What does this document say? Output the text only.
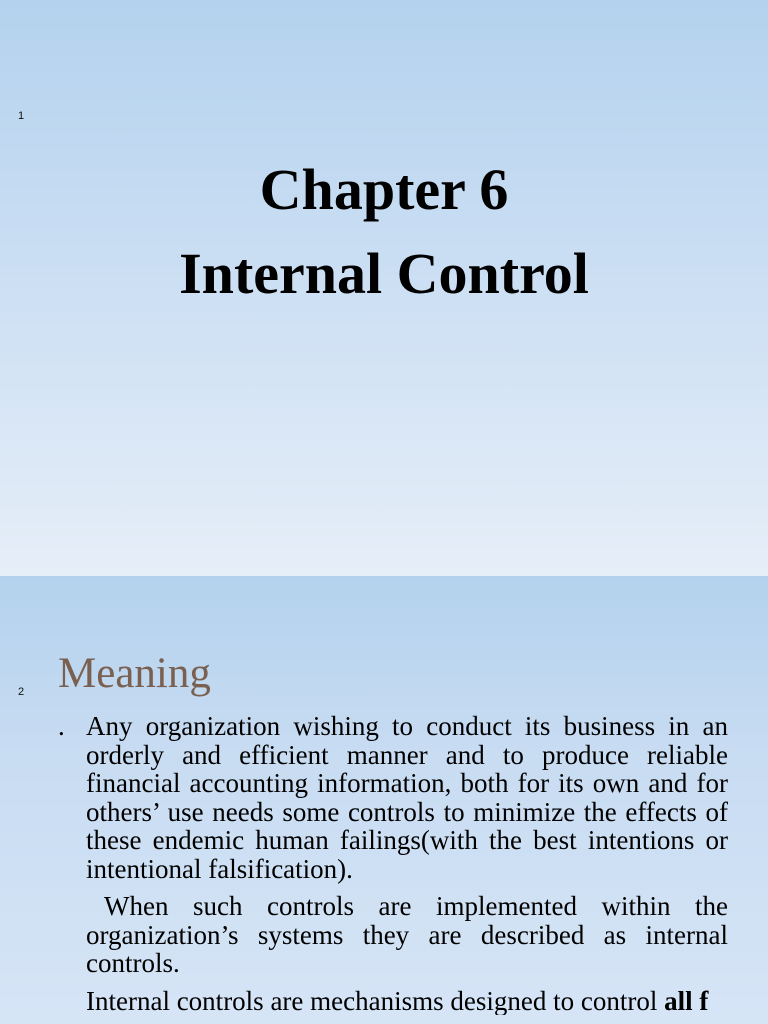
1
Chapter 6
Internal Control
2 Meaning

. Any organization wishing to conduct its business in an orderly and efficient manner and to produce reliable financial accounting information, both for its own and for others’ use needs some controls to minimize the effects of these endemic human failings(with the best intentions or intentional falsification).

When such controls are implemented within the organization’s systems they are described as internal controls.

Internal controls are mechanisms designed to control all f
